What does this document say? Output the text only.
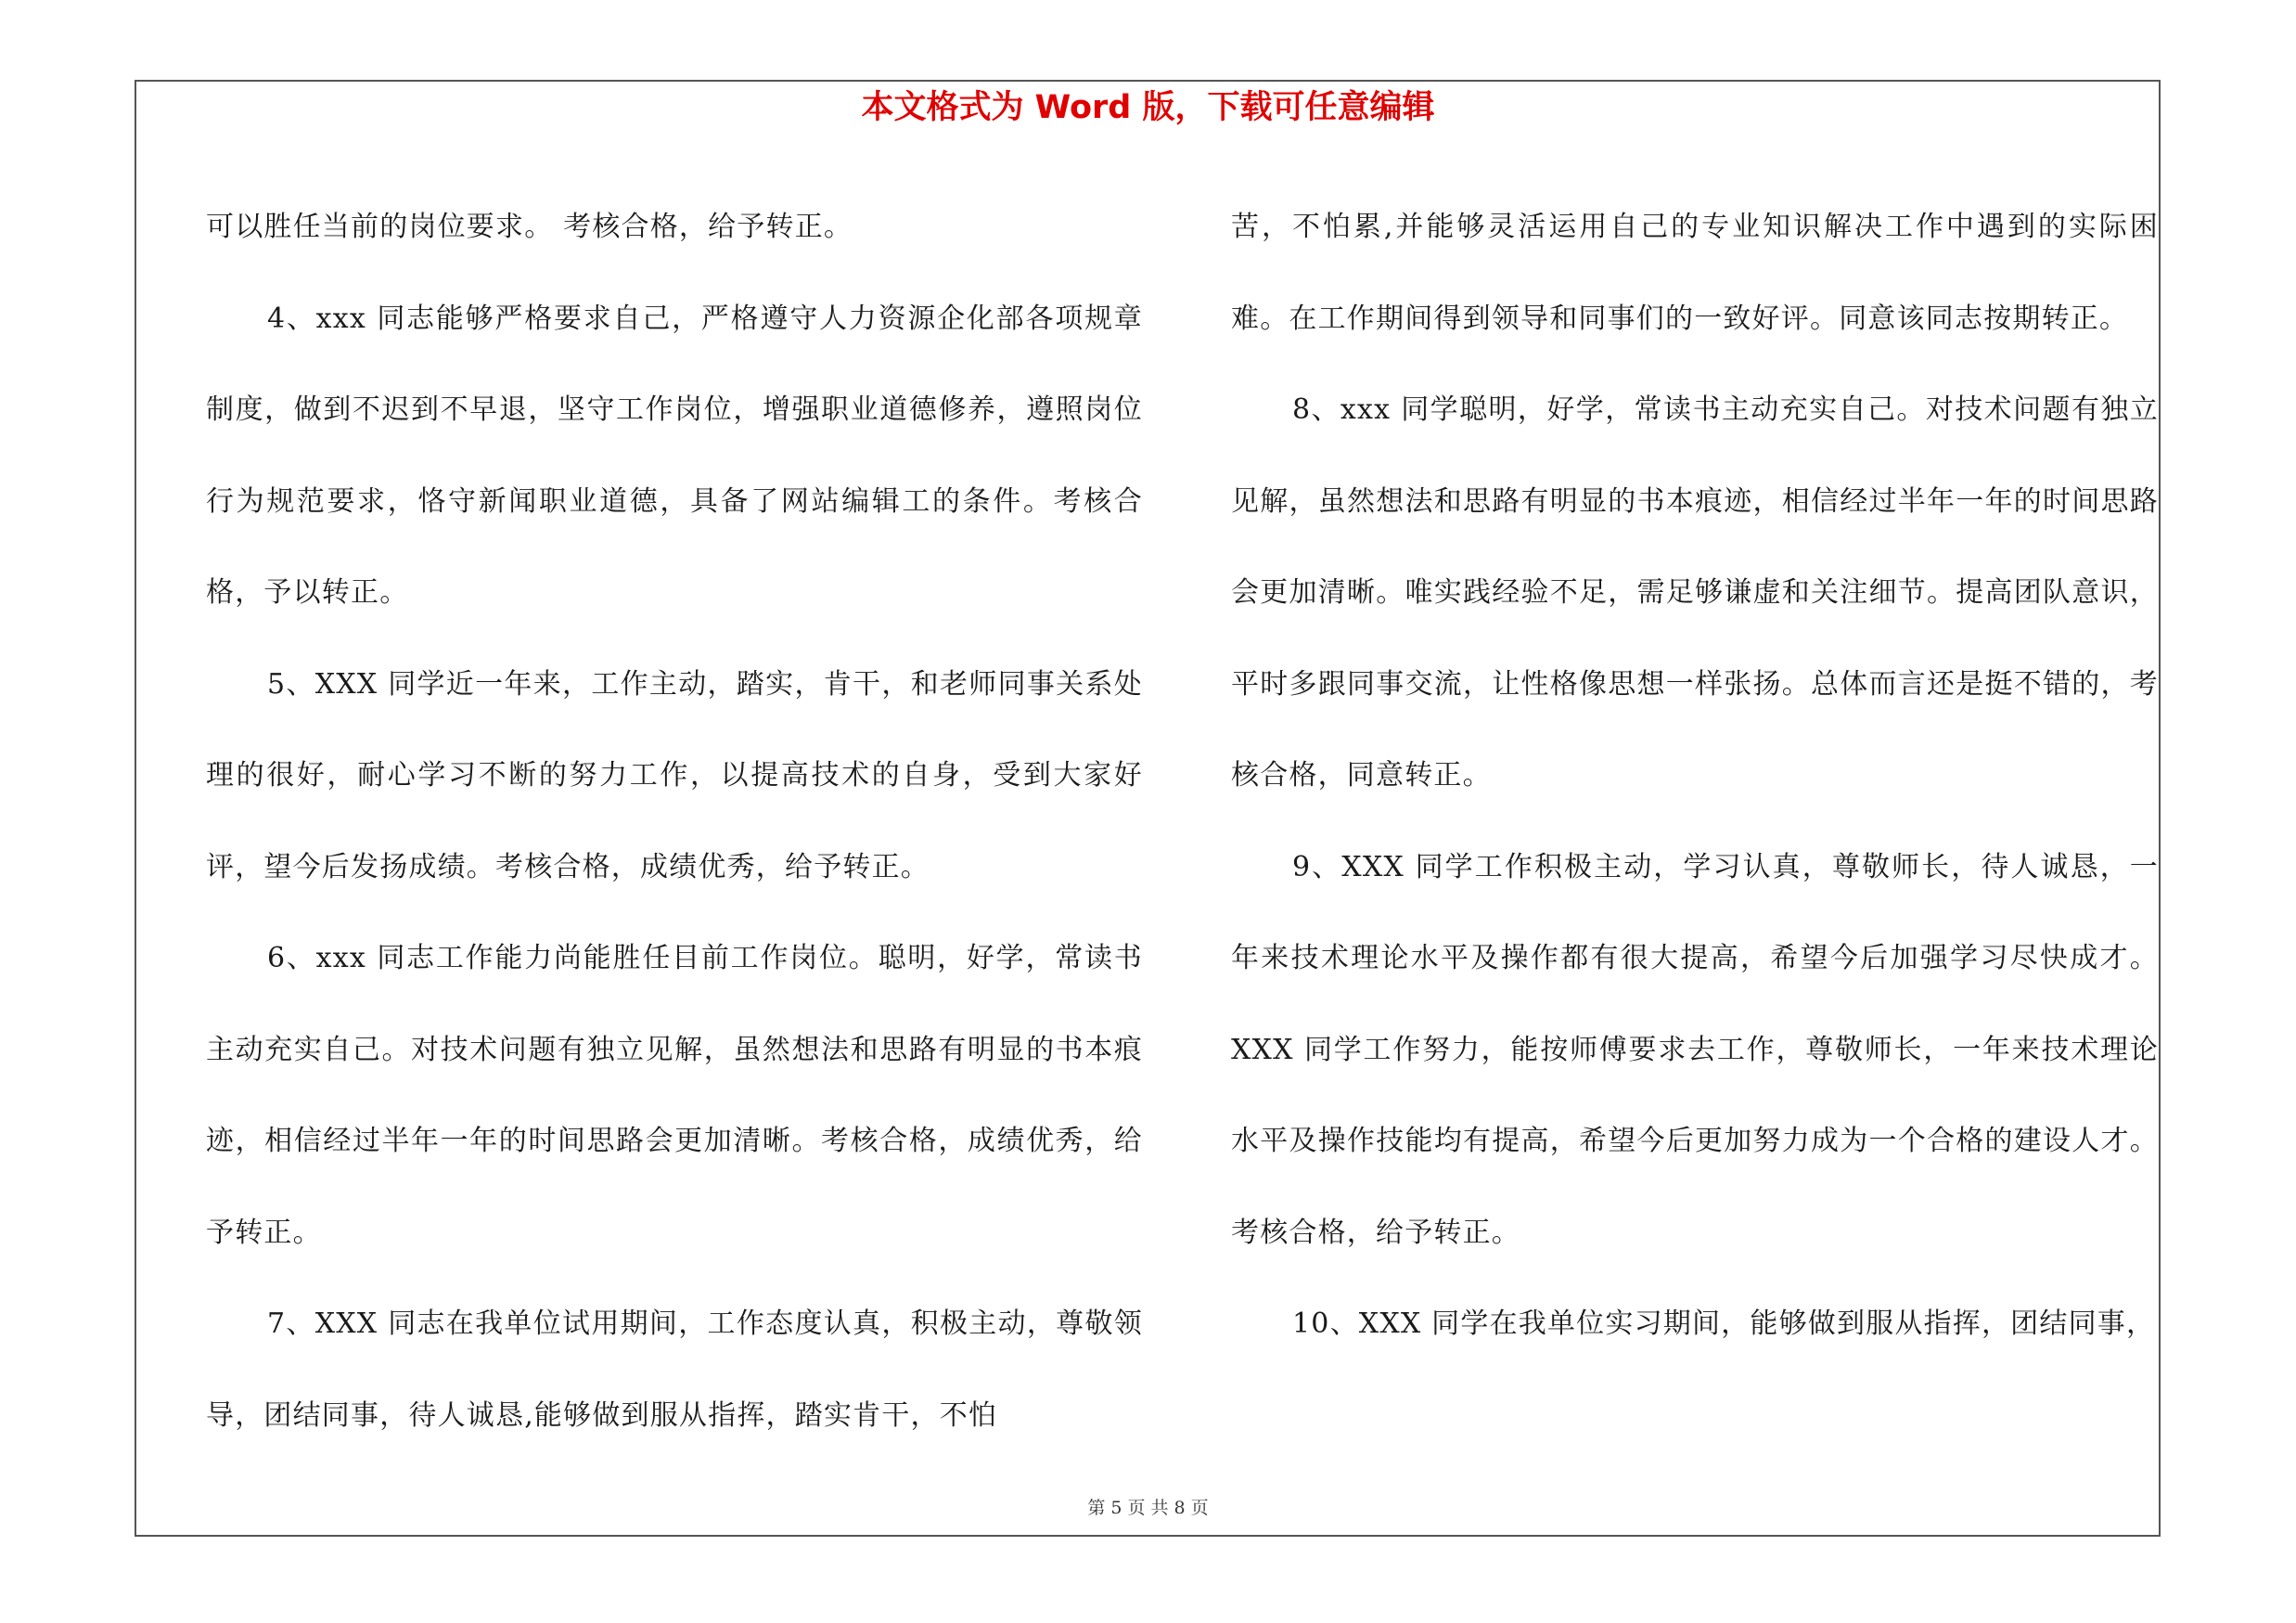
本文格式为 Word 版，下载可任意编辑

可以胜任当前的岗位要求。 考核合格，给予转正。

4、xxx 同志能够严格要求自己，严格遵守人力资源企化部各项规章制度，做到不迟到不早退，坚守工作岗位，增强职业道德修养，遵照岗位行为规范要求，恪守新闻职业道德，具备了网站编辑工的条件。考核合格，予以转正。

5、XXX 同学近一年来，工作主动，踏实，肯干，和老师同事关系处理的很好，耐心学习不断的努力工作，以提高技术的自身，受到大家好评，望今后发扬成绩。考核合格，成绩优秀，给予转正。

6、xxx 同志工作能力尚能胜任目前工作岗位。聪明，好学，常读书主动充实自己。对技术问题有独立见解，虽然想法和思路有明显的书本痕迹，相信经过半年一年的时间思路会更加清晰。考核合格，成绩优秀，给予转正。

7、XXX 同志在我单位试用期间，工作态度认真，积极主动，尊敬领导，团结同事，待人诚恳,能够做到服从指挥，踏实肯干，不怕

苦，不怕累,并能够灵活运用自己的专业知识解决工作中遇到的实际困难。在工作期间得到领导和同事们的一致好评。同意该同志按期转正。

8、xxx 同学聪明，好学，常读书主动充实自己。对技术问题有独立见解，虽然想法和思路有明显的书本痕迹，相信经过半年一年的时间思路会更加清晰。唯实践经验不足，需足够谦虚和关注细节。提高团队意识，平时多跟同事交流，让性格像思想一样张扬。总体而言还是挺不错的，考核合格，同意转正。

9、XXX 同学工作积极主动，学习认真，尊敬师长，待人诚恳，一年来技术理论水平及操作都有很大提高，希望今后加强学习尽快成才。 XXX 同学工作努力，能按师傅要求去工作，尊敬师长，一年来技术理论水平及操作技能均有提高，希望今后更加努力成为一个合格的建设人才。考核合格，给予转正。

10、XXX 同学在我单位实习期间，能够做到服从指挥，团结同事，

第 5 页 共 8 页
